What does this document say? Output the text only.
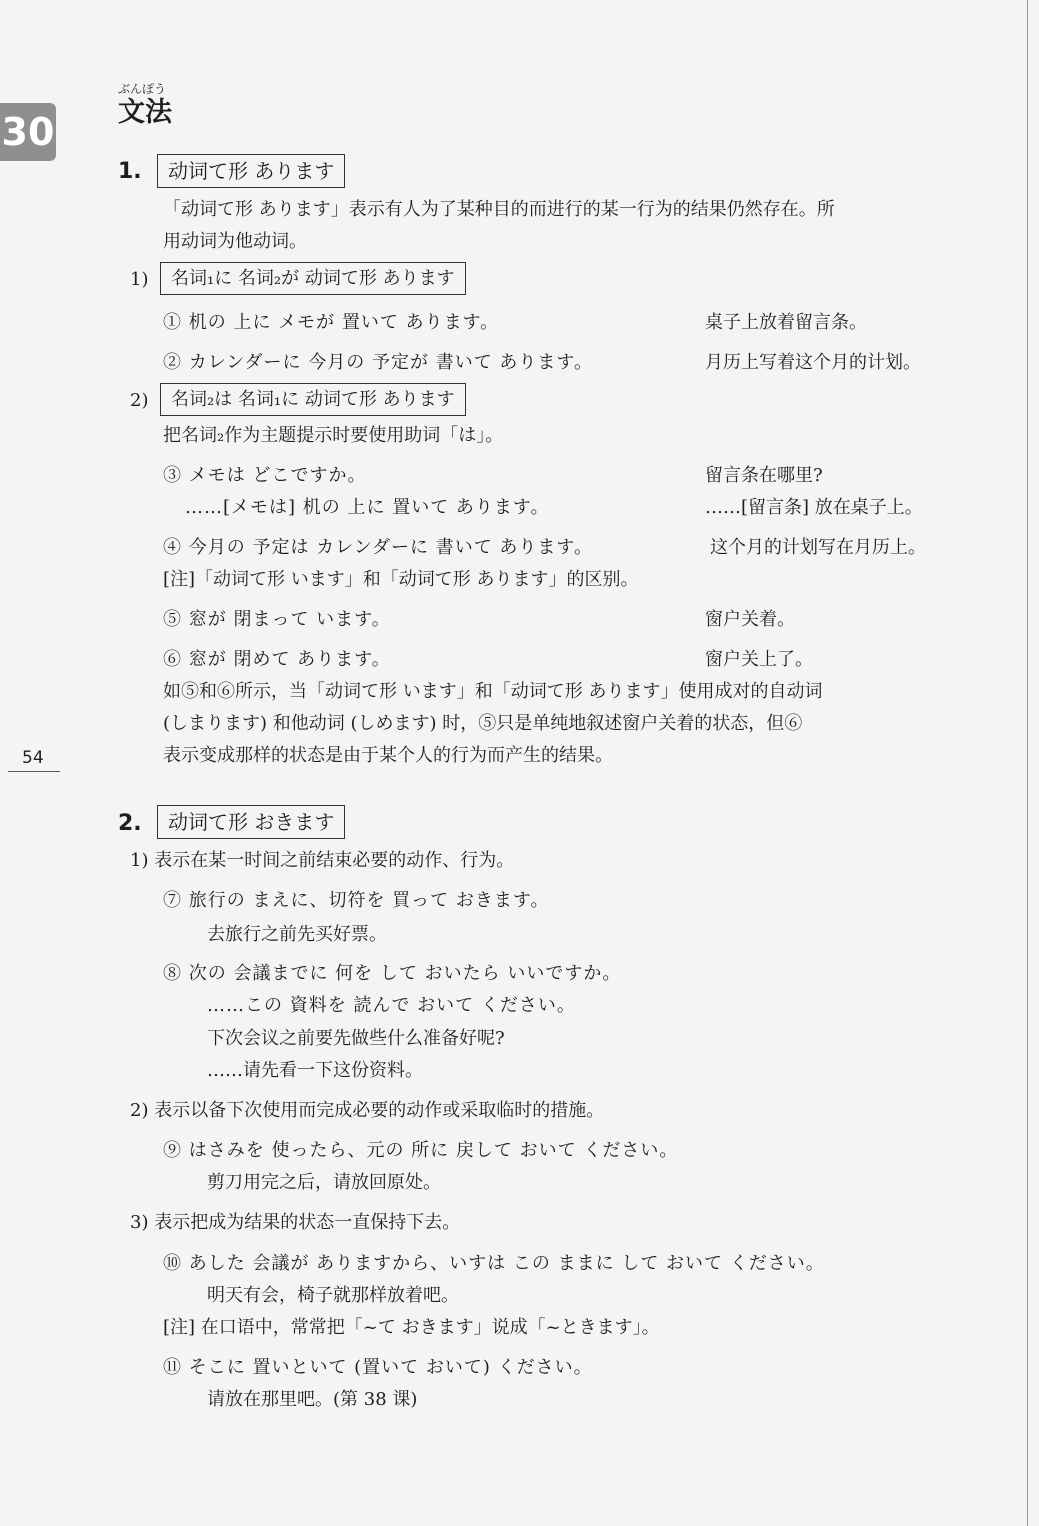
30
ぶんぽう
文法
1.	动词て形 あります
「动词て形 あります」表示有人为了某种目的而进行的某一行为的结果仍然存在。所
用动词为他动词。
1)	名词₁に 名词₂が 动词て形 あります
① 机の 上に メモが 置いて あります。	桌子上放着留言条。
② カレンダーに 今月の 予定が 書いて あります。	月历上写着这个月的计划。
2)	名词₂は 名词₁に 动词て形 あります
把名词₂作为主题提示时要使用助词「は」。
③ メモは どこですか。	留言条在哪里?
……[メモは] 机の 上に 置いて あります。	……[留言条] 放在桌子上。
④ 今月の 予定は カレンダーに 書いて あります。	这个月的计划写在月历上。
[注]「动词て形 います」和「动词て形 あります」的区别。
⑤ 窓が 閉まって います。	窗户关着。
⑥ 窓が 閉めて あります。	窗户关上了。
如⑤和⑥所示，当「动词て形 います」和「动词て形 あります」使用成对的自动词
(しまります) 和他动词 (しめます) 时，⑤只是单纯地叙述窗户关着的状态，但⑥
表示变成那样的状态是由于某个人的行为而产生的结果。
54
2.	动词て形 おきます
1) 表示在某一时间之前结束必要的动作、行为。
⑦ 旅行の まえに、切符を 買って おきます。
去旅行之前先买好票。
⑧ 次の 会議までに 何を して おいたら いいですか。
……この 資料を 読んで おいて ください。
下次会议之前要先做些什么准备好呢?
……请先看一下这份资料。
2) 表示以备下次使用而完成必要的动作或采取临时的措施。
⑨ はさみを 使ったら、元の 所に 戻して おいて ください。
剪刀用完之后，请放回原处。
3) 表示把成为结果的状态一直保持下去。
⑩ あした 会議が ありますから、いすは この ままに して おいて ください。
明天有会，椅子就那样放着吧。
[注] 在口语中，常常把「~て おきます」说成「~ときます」。
⑪ そこに 置いといて (置いて おいて) ください。
请放在那里吧。(第 38 课)
